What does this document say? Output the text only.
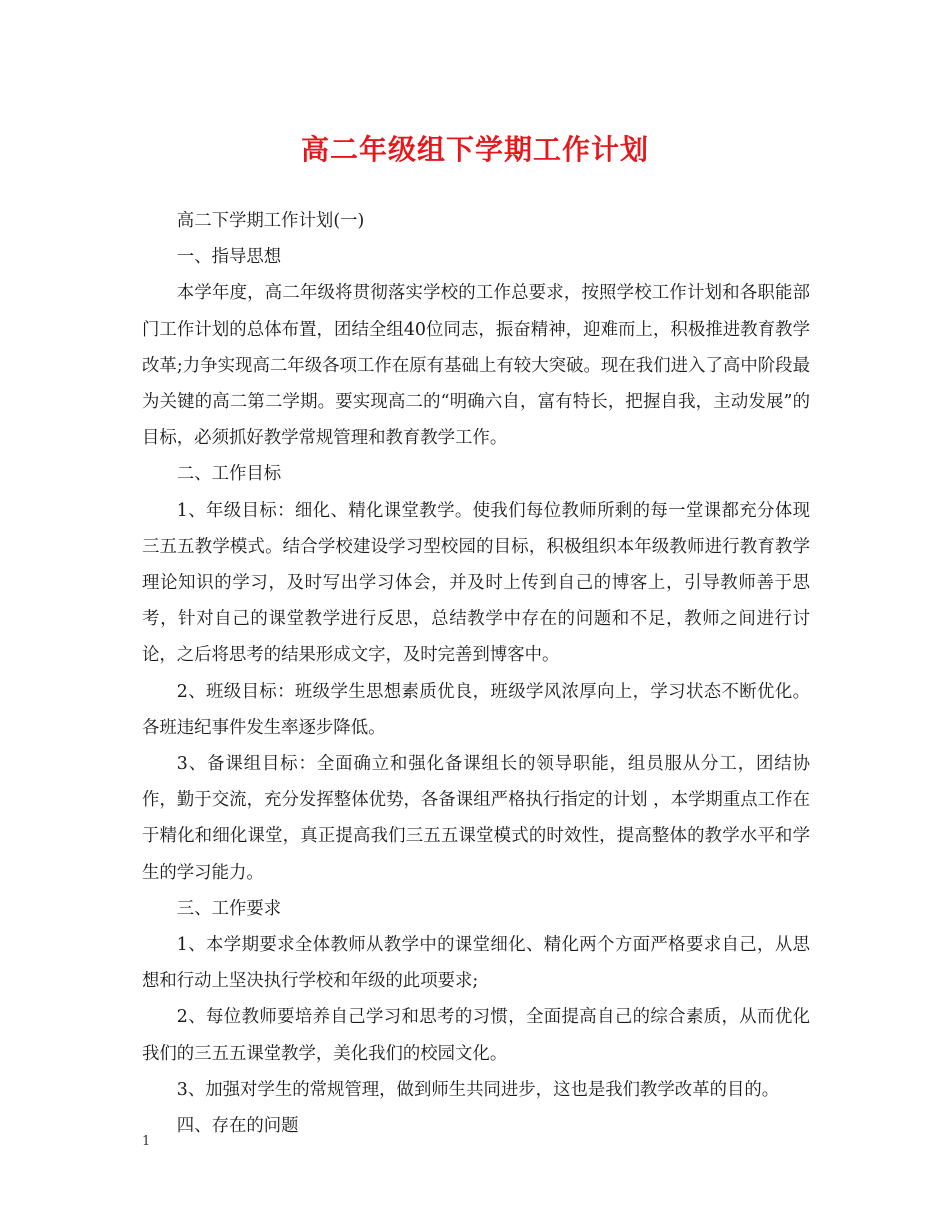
高二年级组下学期工作计划

高二下学期工作计划(一)

一、指导思想

本学年度，高二年级将贯彻落实学校的工作总要求，按照学校工作计划和各职能部门工作计划的总体布置，团结全组40位同志，振奋精神，迎难而上，积极推进教育教学改革;力争实现高二年级各项工作在原有基础上有较大突破。现在我们进入了高中阶段最为关键的高二第二学期。要实现高二的“明确六自，富有特长，把握自我，主动发展”的目标，必须抓好教学常规管理和教育教学工作。

二、工作目标

1、年级目标：细化、精化课堂教学。使我们每位教师所剩的每一堂课都充分体现三五五教学模式。结合学校建设学习型校园的目标，积极组织本年级教师进行教育教学理论知识的学习，及时写出学习体会，并及时上传到自己的博客上，引导教师善于思考，针对自己的课堂教学进行反思，总结教学中存在的问题和不足，教师之间进行讨论，之后将思考的结果形成文字，及时完善到博客中。

2、班级目标：班级学生思想素质优良，班级学风浓厚向上，学习状态不断优化。各班违纪事件发生率逐步降低。

3、备课组目标：全面确立和强化备课组长的领导职能，组员服从分工，团结协作，勤于交流，充分发挥整体优势，各备课组严格执行指定的计划 ，本学期重点工作在于精化和细化课堂，真正提高我们三五五课堂模式的时效性，提高整体的教学水平和学生的学习能力。

三、工作要求

1、本学期要求全体教师从教学中的课堂细化、精化两个方面严格要求自己，从思想和行动上坚决执行学校和年级的此项要求;

2、每位教师要培养自己学习和思考的习惯，全面提高自己的综合素质，从而优化我们的三五五课堂教学，美化我们的校园文化。

3、加强对学生的常规管理，做到师生共同进步，这也是我们教学改革的目的。

四、存在的问题

1
